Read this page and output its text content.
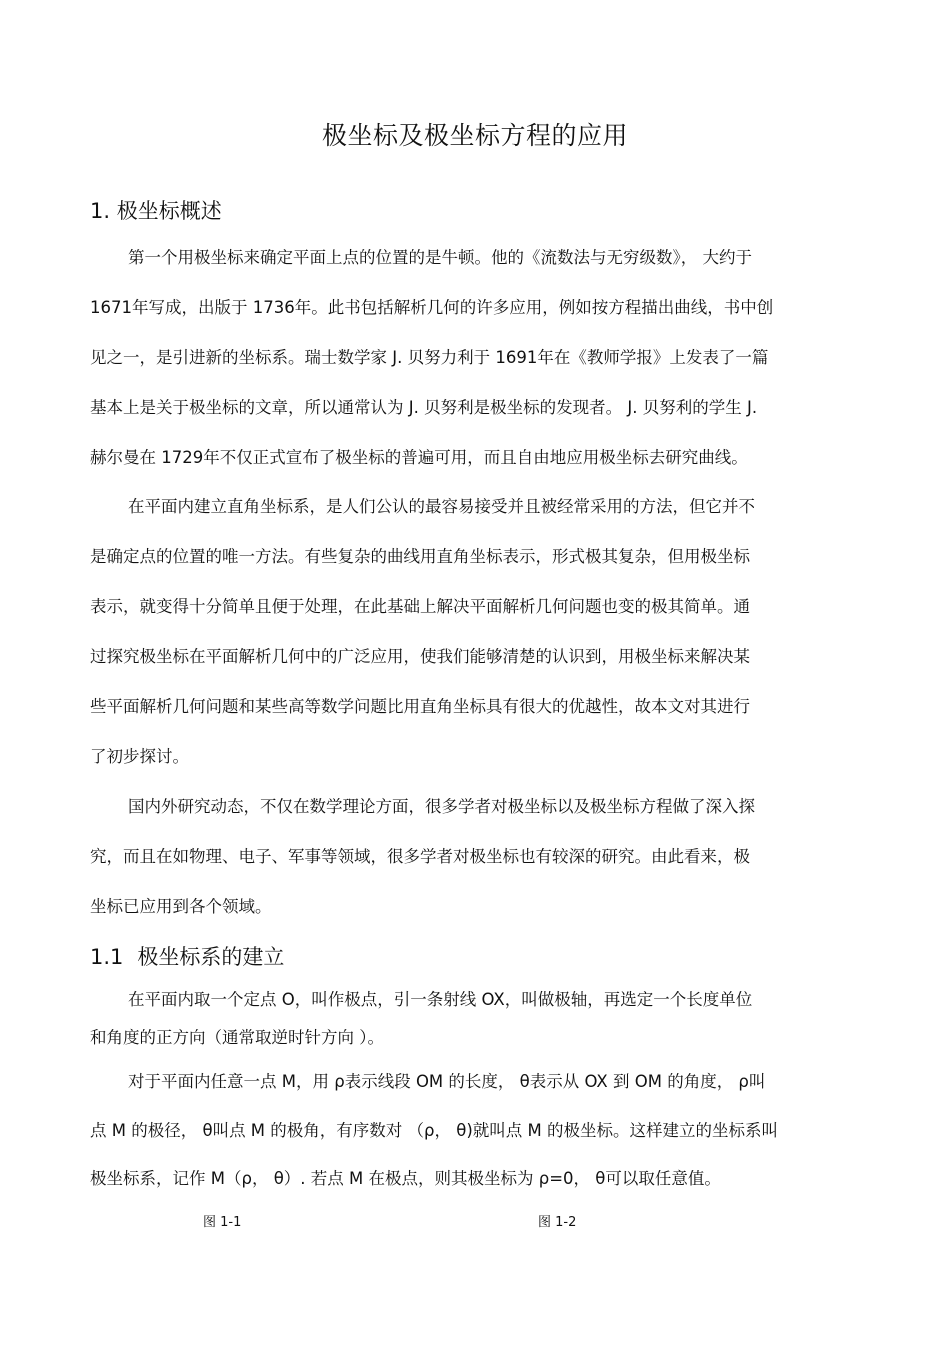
极坐标及极坐标方程的应用
1. 极坐标概述

第一个用极坐标来确定平面上点的位置的是牛顿。他的《流数法与无穷级数》， 大约于

1671年写成，出版于 1736年。此书包括解析几何的许多应用，例如按方程描出曲线，书中创

见之一，是引进新的坐标系。瑞士数学家 J. 贝努力利于 1691年在《教师学报》上发表了一篇

基本上是关于极坐标的文章，所以通常认为 J. 贝努利是极坐标的发现者。 J. 贝努利的学生 J.

赫尔曼在 1729年不仅正式宣布了极坐标的普遍可用，而且自由地应用极坐标去研究曲线。

在平面内建立直角坐标系，是人们公认的最容易接受并且被经常采用的方法，但它并不

是确定点的位置的唯一方法。有些复杂的曲线用直角坐标表示，形式极其复杂，但用极坐标

表示，就变得十分简单且便于处理，在此基础上解决平面解析几何问题也变的极其简单。通

过探究极坐标在平面解析几何中的广泛应用，使我们能够清楚的认识到，用极坐标来解决某

些平面解析几何问题和某些高等数学问题比用直角坐标具有很大的优越性，故本文对其进行

了初步探讨。

国内外研究动态，不仅在数学理论方面，很多学者对极坐标以及极坐标方程做了深入探

究，而且在如物理、电子、军事等领域，很多学者对极坐标也有较深的研究。由此看来，极

坐标已应用到各个领域。

1.1 极坐标系的建立

在平面内取一个定点 O，叫作极点，引一条射线 OX，叫做极轴，再选定一个长度单位

和角度的正方向（通常取逆时针方向 ）。

对于平面内任意一点 M，用 ρ表示线段 OM 的长度， θ表示从 OX 到 OM 的角度， ρ叫

点 M 的极径， θ叫点 M 的极角，有序数对 （ρ， θ)就叫点 M 的极坐标。这样建立的坐标系叫

极坐标系，记作 M（ρ， θ）. 若点 M 在极点，则其极坐标为 ρ=0， θ可以取任意值。

图 1-1	图 1-2
